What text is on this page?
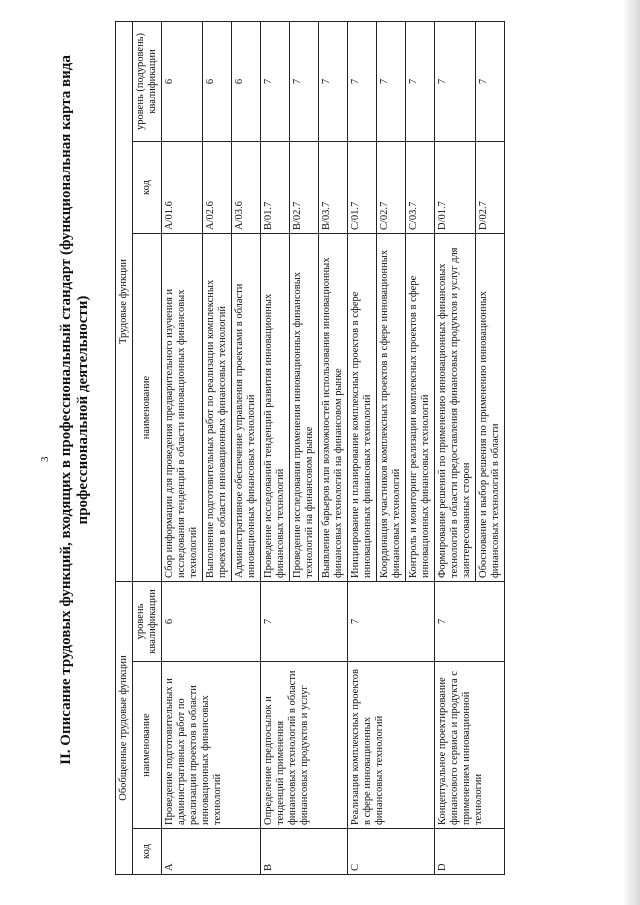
3 II. Описание трудовых функций, входящих в профессиональный стандарт (функциональная карта вида профессиональной деятельности)
Обобщенные трудовые функции			Трудовые функции		
код	наименование	уровень квалификации	наименование	код	уровень (подуровень) квалификации
A	Проведение подготовительных и административных работ по реализации проектов в области инновационных финансовых технологий	6	Сбор информации для проведения предварительного изучения и исследования тенденций в области инновационных финансовых технологий	A/01.6	6
			Выполнение подготовительных работ по реализации комплексных проектов в области инновационных финансовых технологий	A/02.6	6
			Административное обеспечение управления проектами в области инновационных финансовых технологий	A/03.6	6
B	Определение предпосылок и тенденций применения финансовых технологий в области финансовых продуктов и услуг	7	Проведение исследований тенденций развития инновационных финансовых технологий	B/01.7	7
			Проведение исследования применения инновационных финансовых технологий на финансовом рынке	B/02.7	7
			Выявление барьеров или возможностей использования инновационных финансовых технологий на финансовом рынке	B/03.7	7
C	Реализация комплексных проектов в сфере инновационных финансовых технологий	7	Инициирование и планирование комплексных проектов в сфере инновационных финансовых технологий	C/01.7	7
			Координация участников комплексных проектов в сфере инновационных финансовых технологий	C/02.7	7
			Контроль и мониторинг реализации комплексных проектов в сфере инновационных финансовых технологий	C/03.7	7
D	Концептуальное проектирование финансового сервиса и продукта с применением инновационной технологии	7	Формирование решений по применению инновационных финансовых технологий в области предоставления финансовых продуктов и услуг для заинтересованных сторон	D/01.7	7
			Обоснование и выбор решения по применению инновационных финансовых технологий в области	D/02.7	7
